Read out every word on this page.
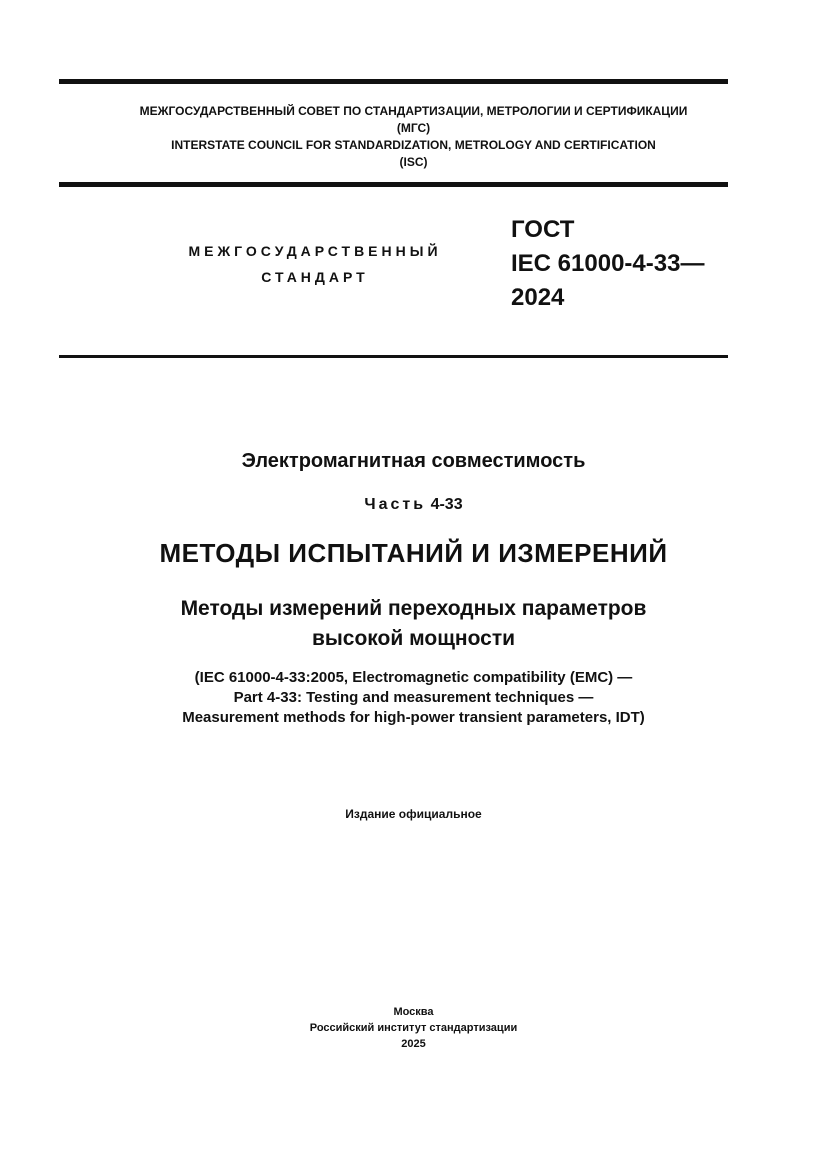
МЕЖГОСУДАРСТВЕННЫЙ СОВЕТ ПО СТАНДАРТИЗАЦИИ, МЕТРОЛОГИИ И СЕРТИФИКАЦИИ
(МГС)
INTERSTATE COUNCIL FOR STANDARDIZATION, METROLOGY AND CERTIFICATION
(ISC)
МЕЖГОСУДАРСТВЕННЫЙ
СТАНДАРТ
ГОСТ
IEC 61000-4-33—
2024
Электромагнитная совместимость
Часть 4-33
МЕТОДЫ ИСПЫТАНИЙ И ИЗМЕРЕНИЙ
Методы измерений переходных параметров
высокой мощности
(IEC 61000-4-33:2005, Electromagnetic compatibility (EMC) —
Part 4-33: Testing and measurement techniques —
Measurement methods for high-power transient parameters, IDT)
Издание официальное
Москва
Российский институт стандартизации
2025
